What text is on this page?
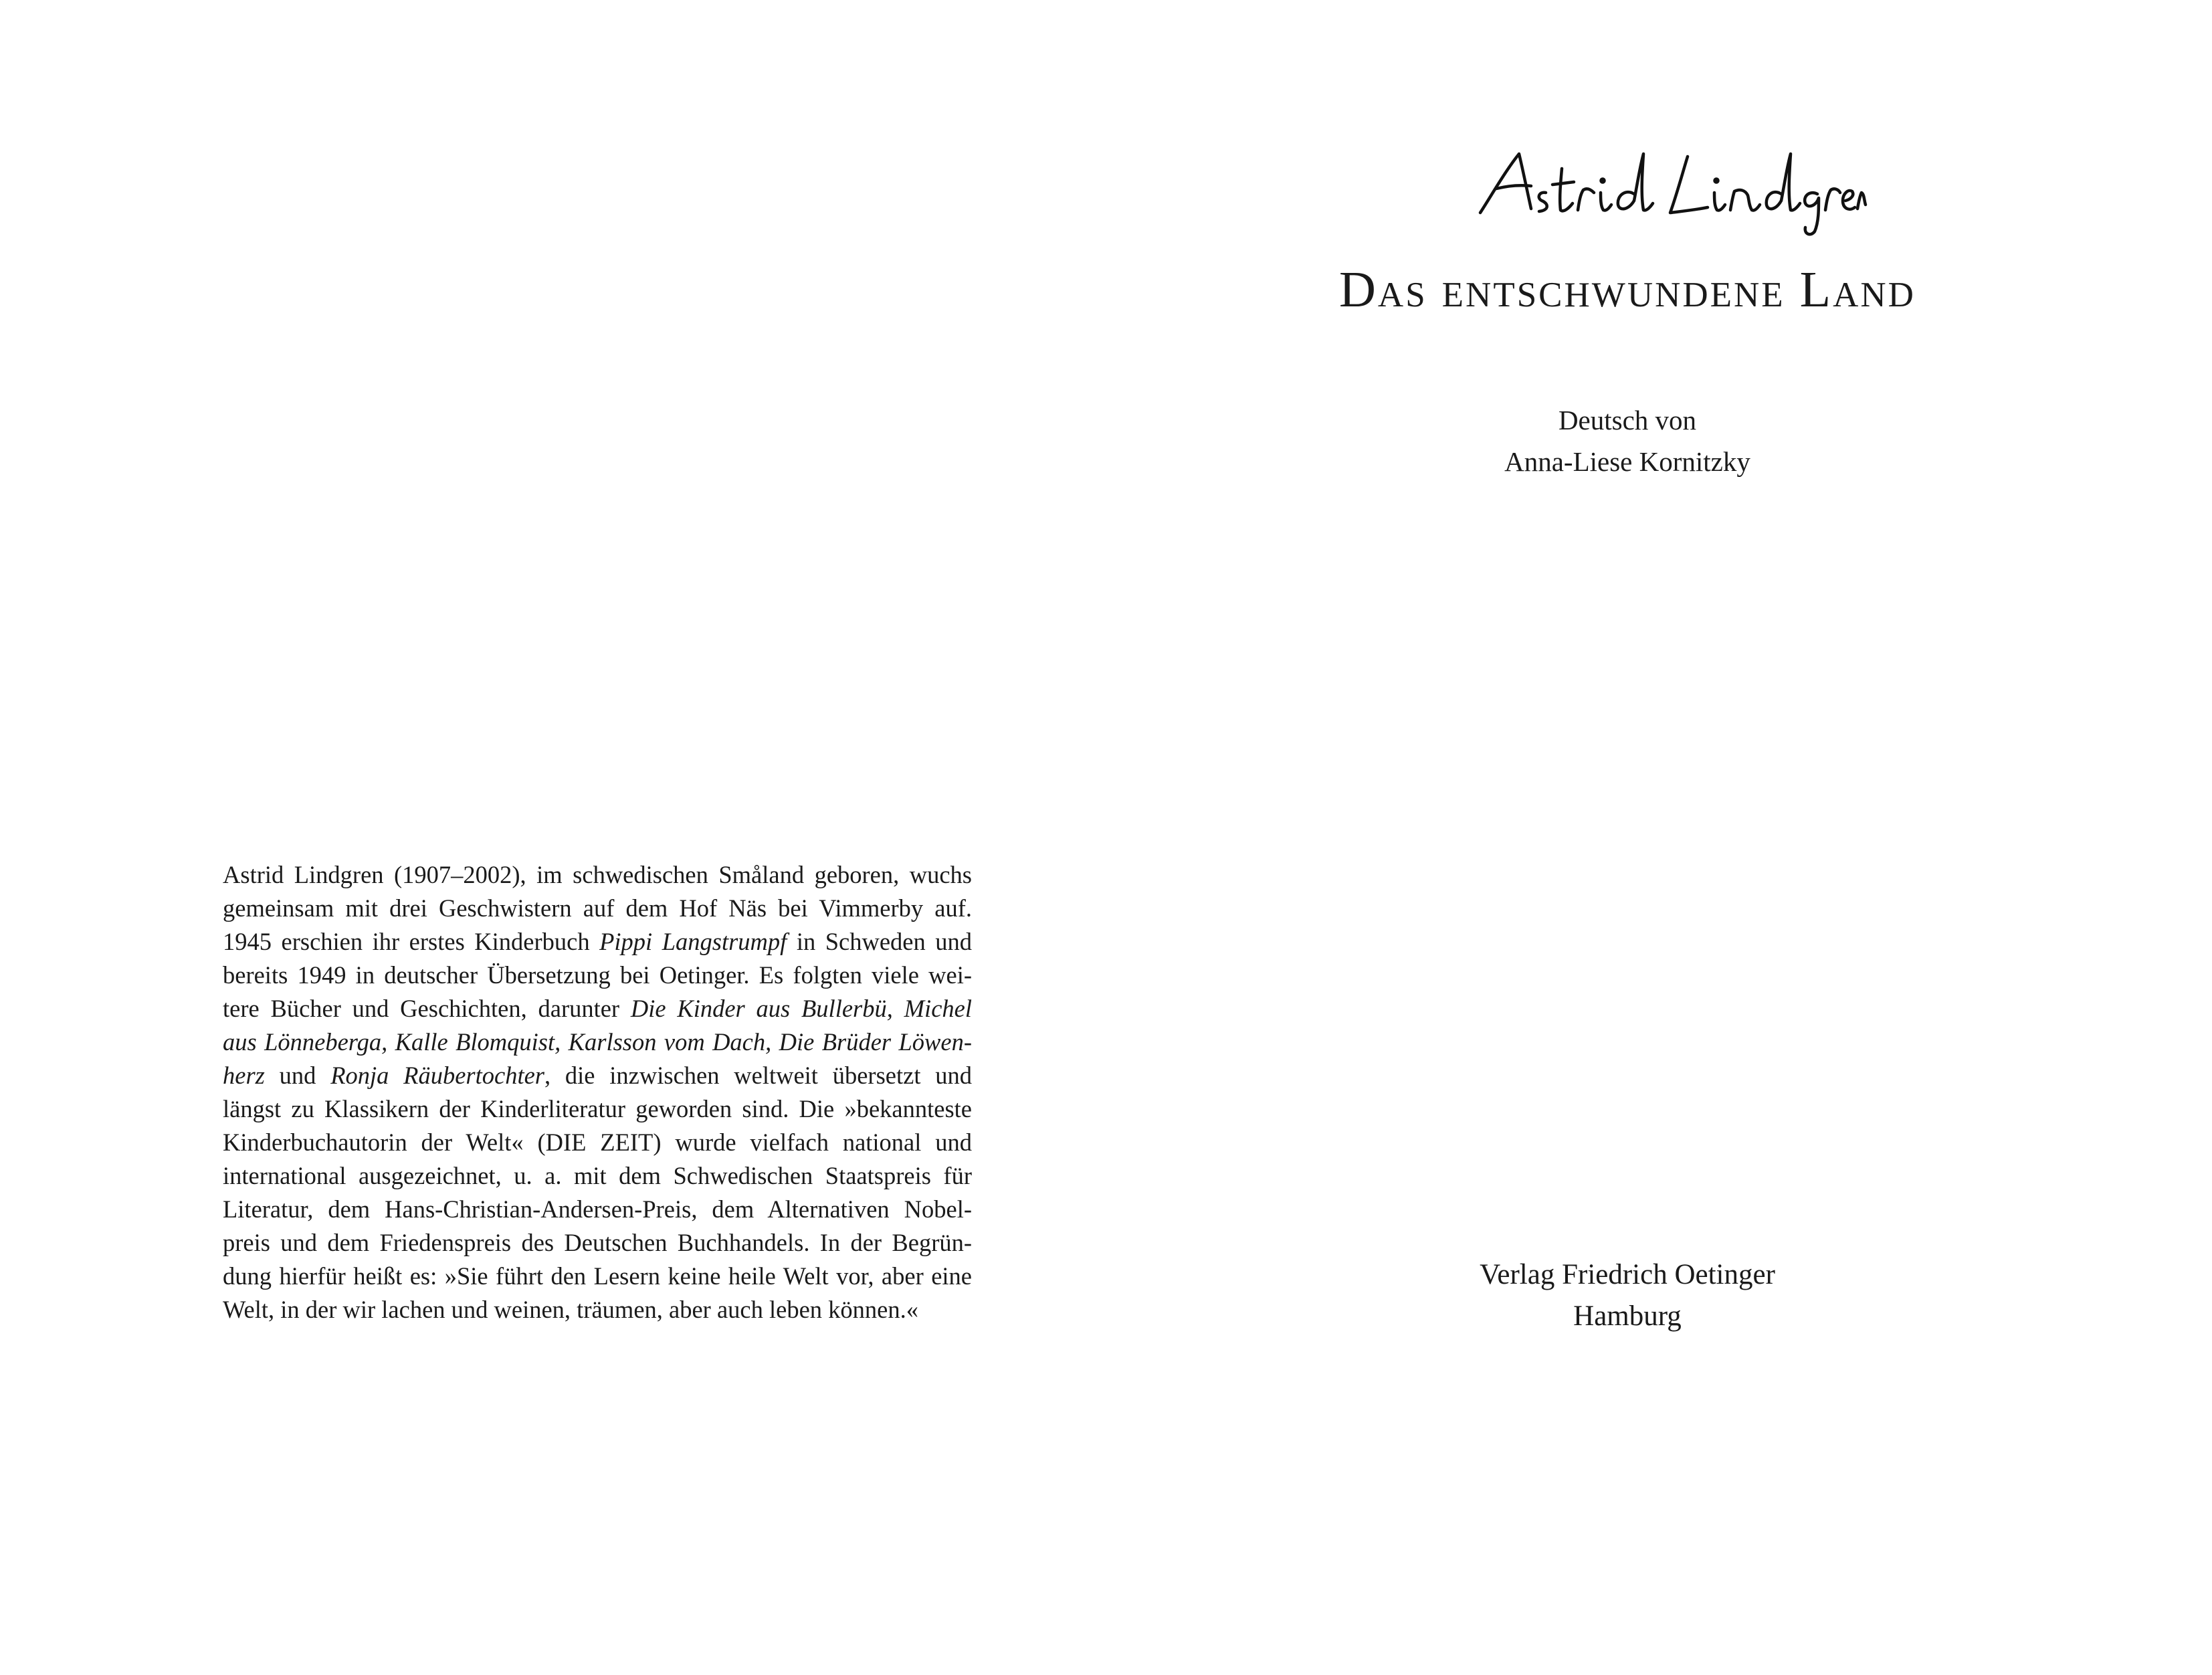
Astrid Lindgren (1907–2002), im schwedischen Småland geboren, wuchs
gemeinsam mit drei Geschwistern auf dem Hof Näs bei Vimmerby auf.
1945 erschien ihr erstes Kinderbuch Pippi Langstrumpf in Schweden und
bereits 1949 in deutscher Übersetzung bei Oetinger. Es folgten viele wei-
tere Bücher und Geschichten, darunter Die Kinder aus Bullerbü, Michel
aus Lönneberga, Kalle Blomquist, Karlsson vom Dach, Die Brüder Löwen-
herz und Ronja Räubertochter, die inzwischen weltweit übersetzt und
längst zu Klassikern der Kinderliteratur geworden sind. Die »bekannteste
Kinderbuchautorin der Welt« (DIE ZEIT) wurde vielfach national und
international ausgezeichnet, u. a. mit dem Schwedischen Staatspreis für
Literatur, dem Hans-Christian-Andersen-Preis, dem Alternativen Nobel-
preis und dem Friedenspreis des Deutschen Buchhandels. In der Begrün-
dung hierfür heißt es: »Sie führt den Lesern keine heile Welt vor, aber eine
Welt, in der wir lachen und weinen, träumen, aber auch leben können.«

Das entschwundene Land
Deutsch von
Anna-Liese Kornitzky
Verlag Friedrich Oetinger
Hamburg
